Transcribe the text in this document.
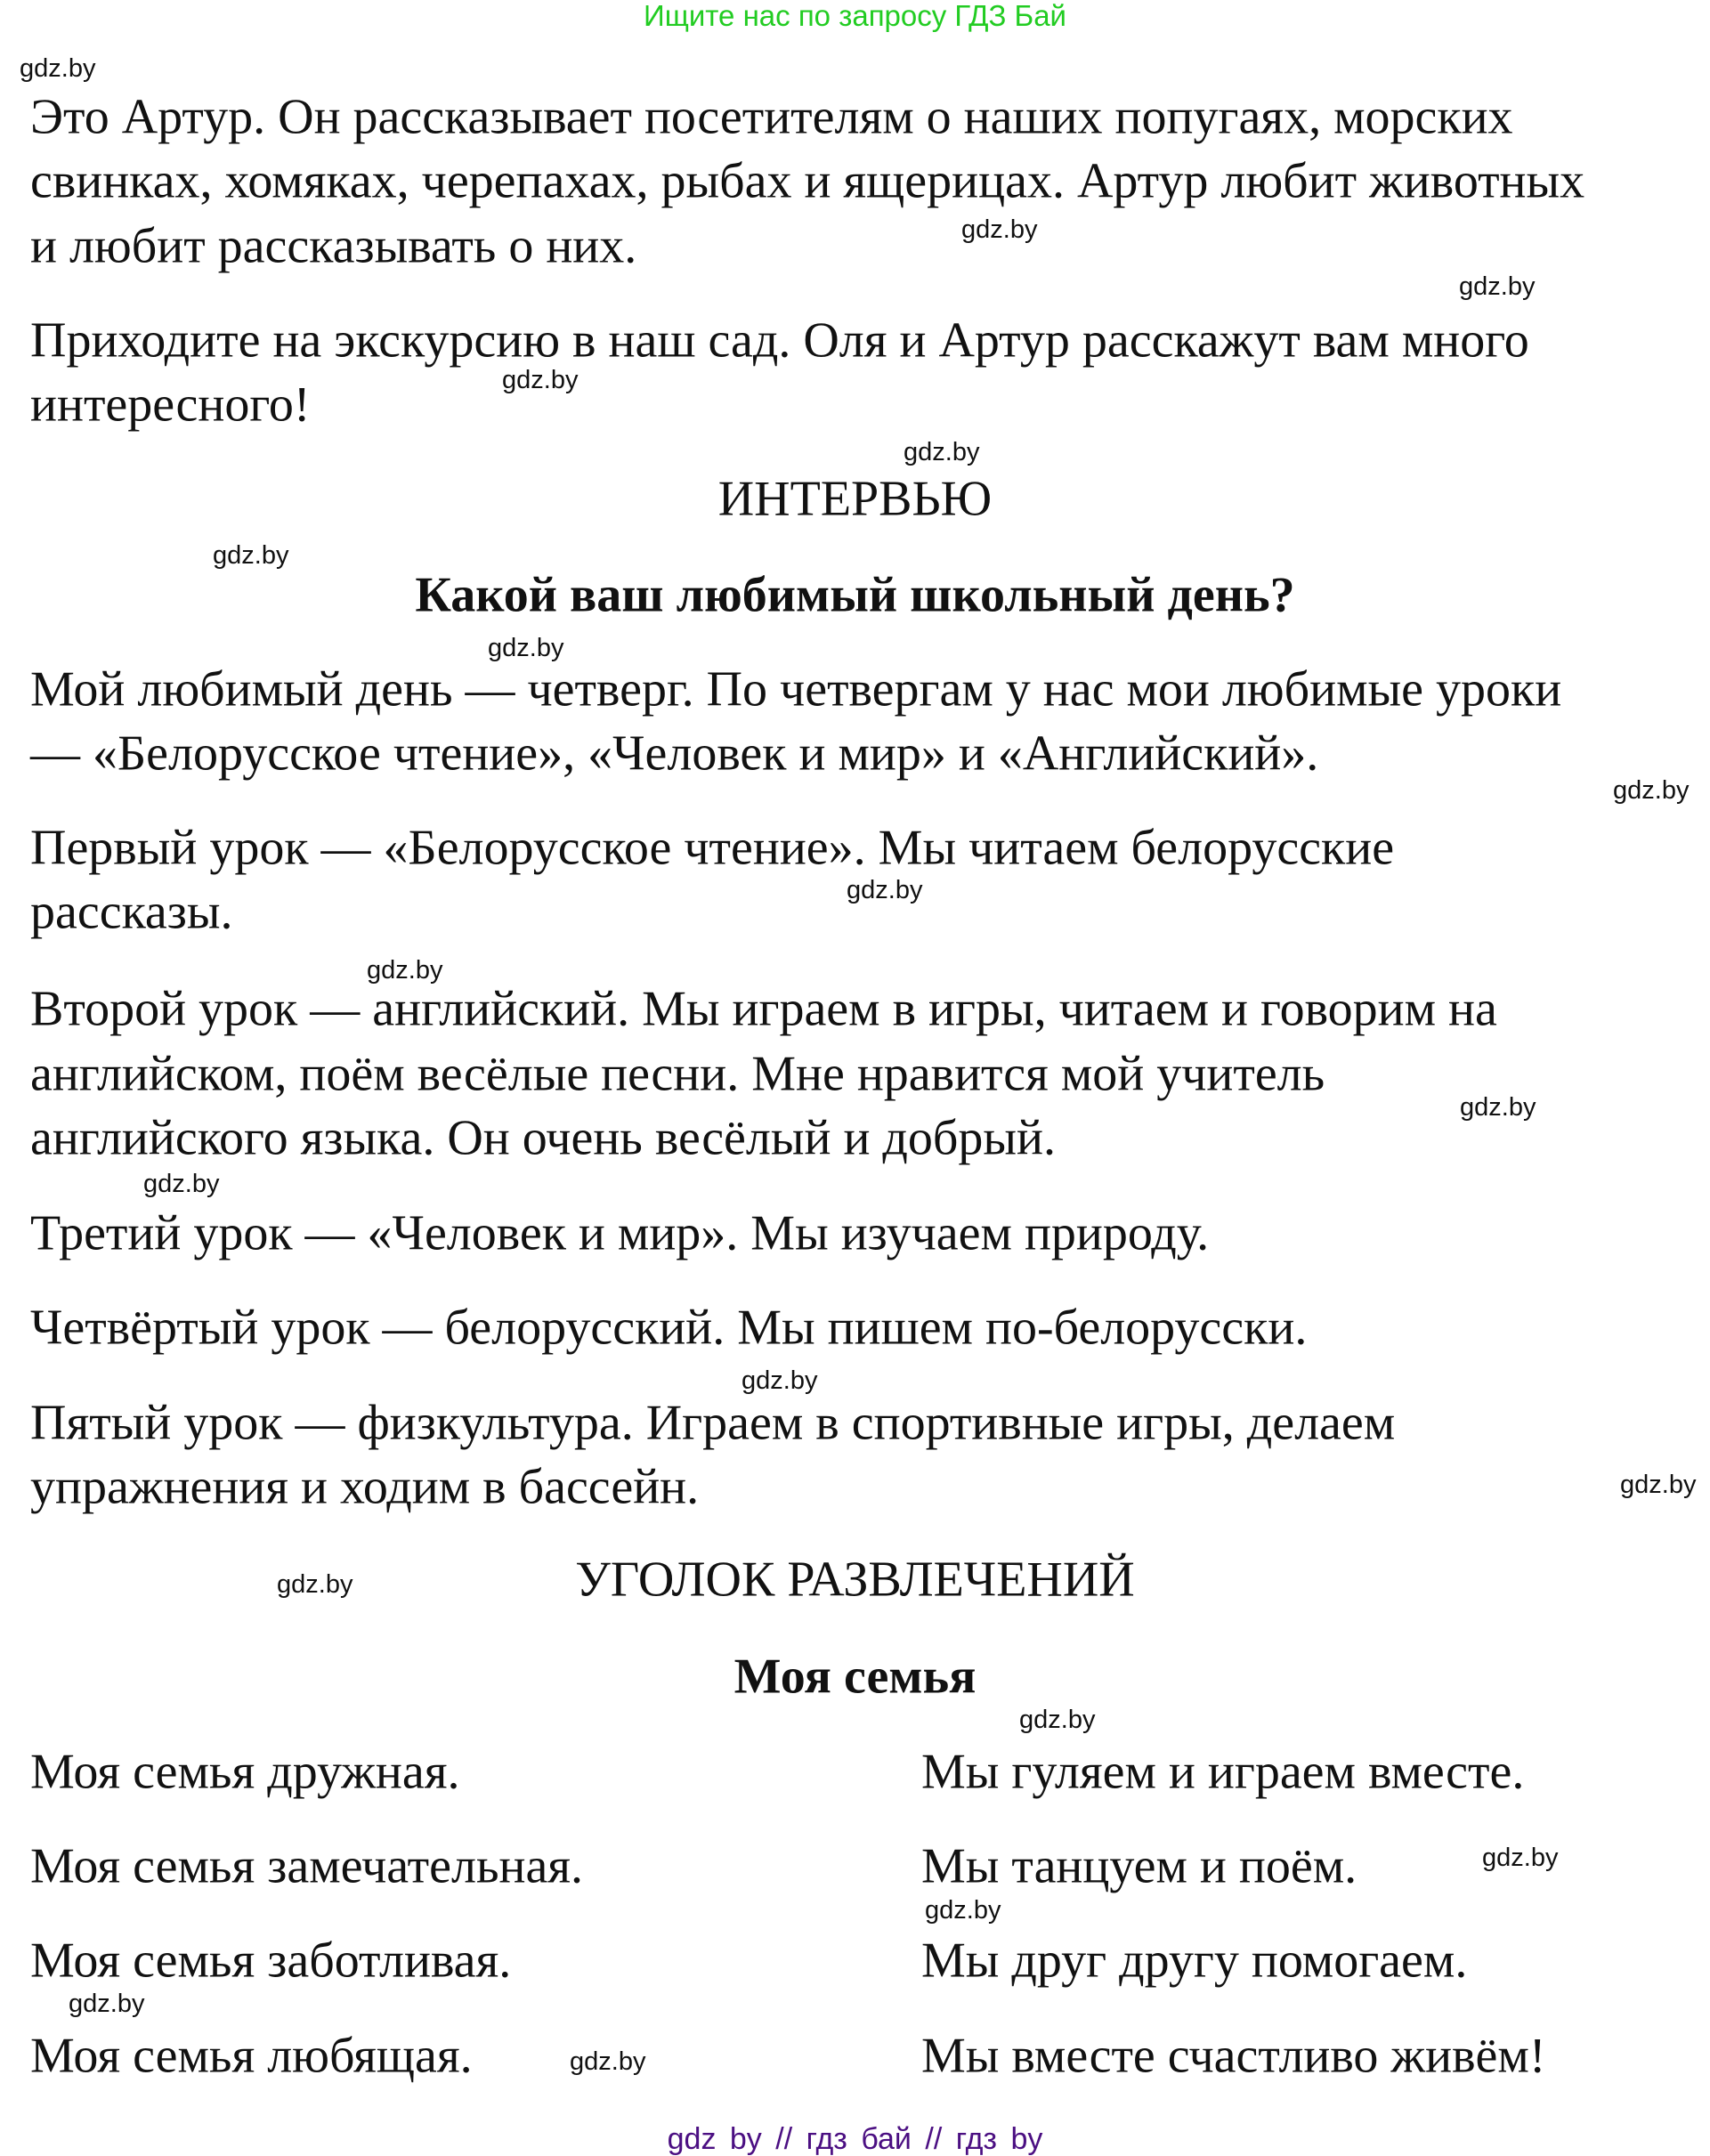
Ищите нас по запросу ГДЗ Бай
Это Артур. Он рассказывает посетителям о наших попугаях, морских
свинках, хомяках, черепахах, рыбах и ящерицах. Артур любит животных
и любит рассказывать о них.
Приходите на экскурсию в наш сад. Оля и Артур расскажут вам много
интересного!
Мой любимый день — четверг. По четвергам у нас мои любимые уроки
— «Белорусское чтение», «Человек и мир» и «Английский».
Первый урок — «Белорусское чтение». Мы читаем белорусские
рассказы.
Второй урок — английский. Мы играем в игры, читаем и говорим на
английском, поём весёлые песни. Мне нравится мой учитель
английского языка. Он очень весёлый и добрый.
Третий урок — «Человек и мир». Мы изучаем природу.
Четвёртый урок — белорусский. Мы пишем по-белорусски.
Пятый урок — физкультура. Играем в спортивные игры, делаем
упражнения и ходим в бассейн.
ИНТЕРВЬЮ
Какой ваш любимый школьный день?
УГОЛОК РАЗВЛЕЧЕНИЙ
Моя семья
Моя семья дружная.	Мы гуляем и играем вместе.
Моя семья замечательная.	Мы танцуем и поём.
Моя семья заботливая.	Мы друг другу помогаем.
Моя семья любящая.	Мы вместе счастливо живём!
gdz.by
gdz.by
gdz.by
gdz.by
gdz.by
gdz.by
gdz.by
gdz.by
gdz.by
gdz.by
gdz.by
gdz.by
gdz.by
gdz.by
gdz.by
gdz.by
gdz.by
gdz.by
gdz.by
gdz.by
gdz by // гдз бай // гдз by
